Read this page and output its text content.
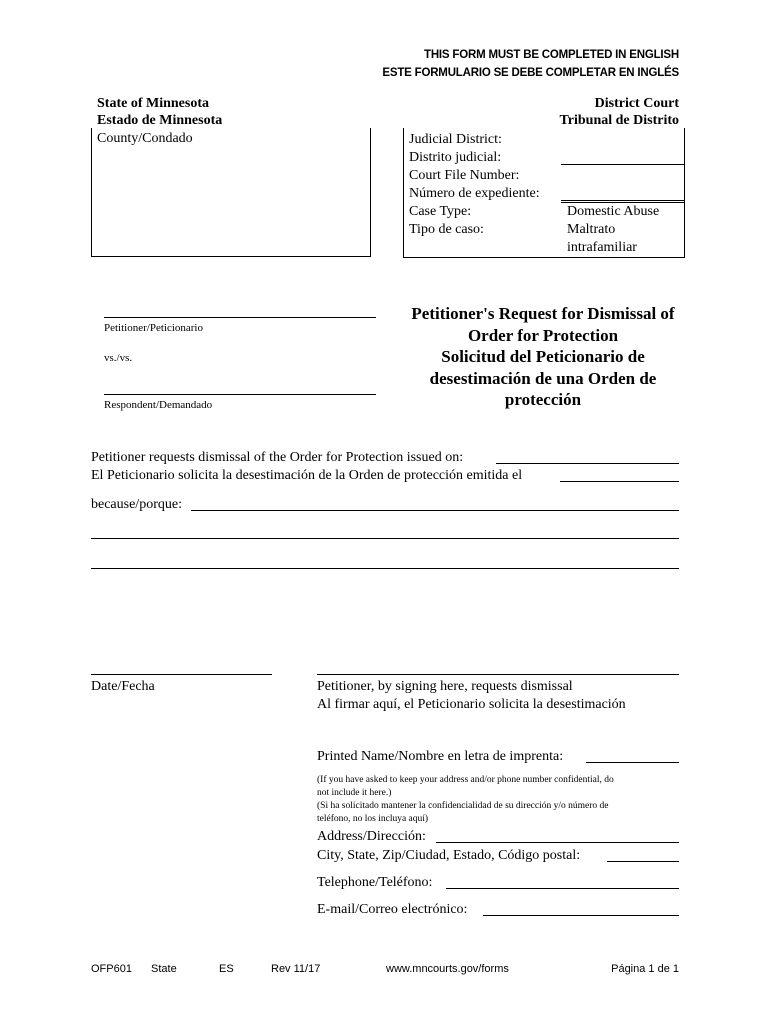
THIS FORM MUST BE COMPLETED IN ENGLISH
ESTE FORMULARIO SE DEBE COMPLETAR EN INGLÉS
State of Minnesota
Estado de Minnesota
County/Condado
District Court
Tribunal de Distrito
Judicial District:
Distrito judicial:
Court File Number:
Número de expediente:
Case Type:
Tipo de caso:
Domestic Abuse
Maltrato
intrafamiliar
Petitioner/Peticionario
vs./vs.
Respondent/Demandado
Petitioner's Request for Dismissal of
Order for Protection
Solicitud del Peticionario de
desestimación de una Orden de
protección
Petitioner requests dismissal of the Order for Protection issued on:
El Peticionario solicita la desestimación de la Orden de protección emitida el
because/porque:
Date/Fecha	Petitioner, by signing here, requests dismissal
Al firmar aquí, el Peticionario solicita la desestimación
Printed Name/Nombre en letra de imprenta:
(If you have asked to keep your address and/or phone number confidential, do
not include it here.)
(Si ha solicitado mantener la confidencialidad de su dirección y/o número de
teléfono, no los incluya aquí)
Address/Dirección:
City, State, Zip/Ciudad, Estado, Código postal:
Telephone/Teléfono:
E-mail/Correo electrónico:
OFP601 State	ES	Rev 11/17	www.mncourts.gov/forms	Página 1 de 1
